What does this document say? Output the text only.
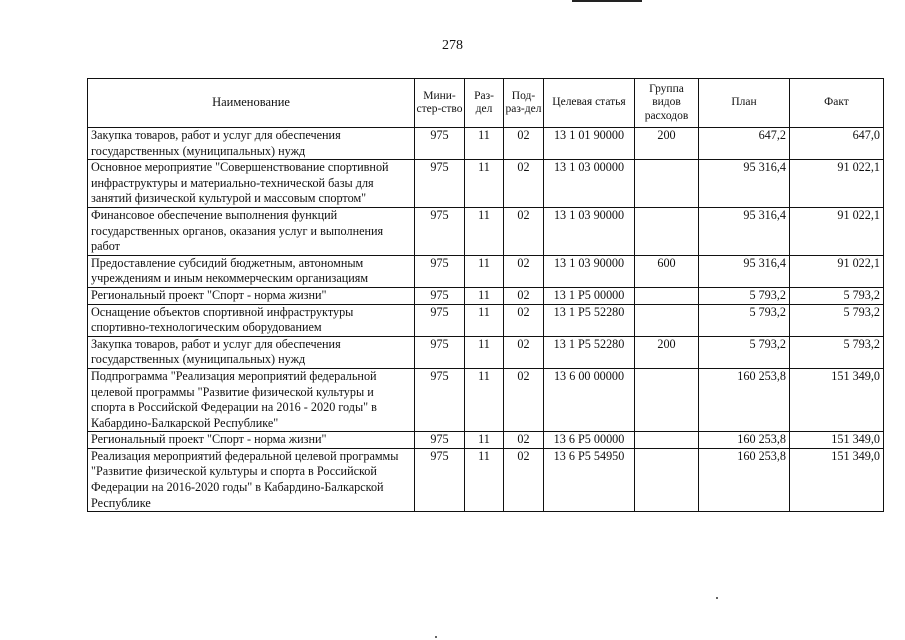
278
Наименование	Мини-стер-ство	Раз-дел	Под-раз-дел	Целевая статья	Группа видов расходов	План	Факт
Закупка товаров, работ и услуг для обеспечения государственных (муниципальных) нужд	975	11	02	13 1 01 90000	200	647,2	647,0
Основное мероприятие "Совершенствование спортивной инфраструктуры и материально-технической базы для занятий физической культурой и массовым спортом"	975	11	02	13 1 03 00000		95 316,4	91 022,1
Финансовое обеспечение выполнения функций государственных органов, оказания услуг и выполнения работ	975	11	02	13 1 03 90000		95 316,4	91 022,1
Предоставление субсидий бюджетным, автономным учреждениям и иным некоммерческим организациям	975	11	02	13 1 03 90000	600	95 316,4	91 022,1
Региональный проект "Спорт - норма жизни"	975	11	02	13 1 P5 00000		5 793,2	5 793,2
Оснащение объектов спортивной инфраструктуры спортивно-технологическим оборудованием	975	11	02	13 1 P5 52280		5 793,2	5 793,2
Закупка товаров, работ и услуг для обеспечения государственных (муниципальных) нужд	975	11	02	13 1 P5 52280	200	5 793,2	5 793,2
Подпрограмма "Реализация мероприятий федеральной целевой программы "Развитие физической культуры и спорта в Российской Федерации на 2016 - 2020 годы" в Кабардино-Балкарской Республике"	975	11	02	13 6 00 00000		160 253,8	151 349,0
Региональный проект "Спорт - норма жизни"	975	11	02	13 6 P5 00000		160 253,8	151 349,0
Реализация мероприятий федеральной целевой программы "Развитие физической культуры и спорта в Российской Федерации на 2016-2020 годы" в Кабардино-Балкарской Республике	975	11	02	13 6 P5 54950		160 253,8	151 349,0
